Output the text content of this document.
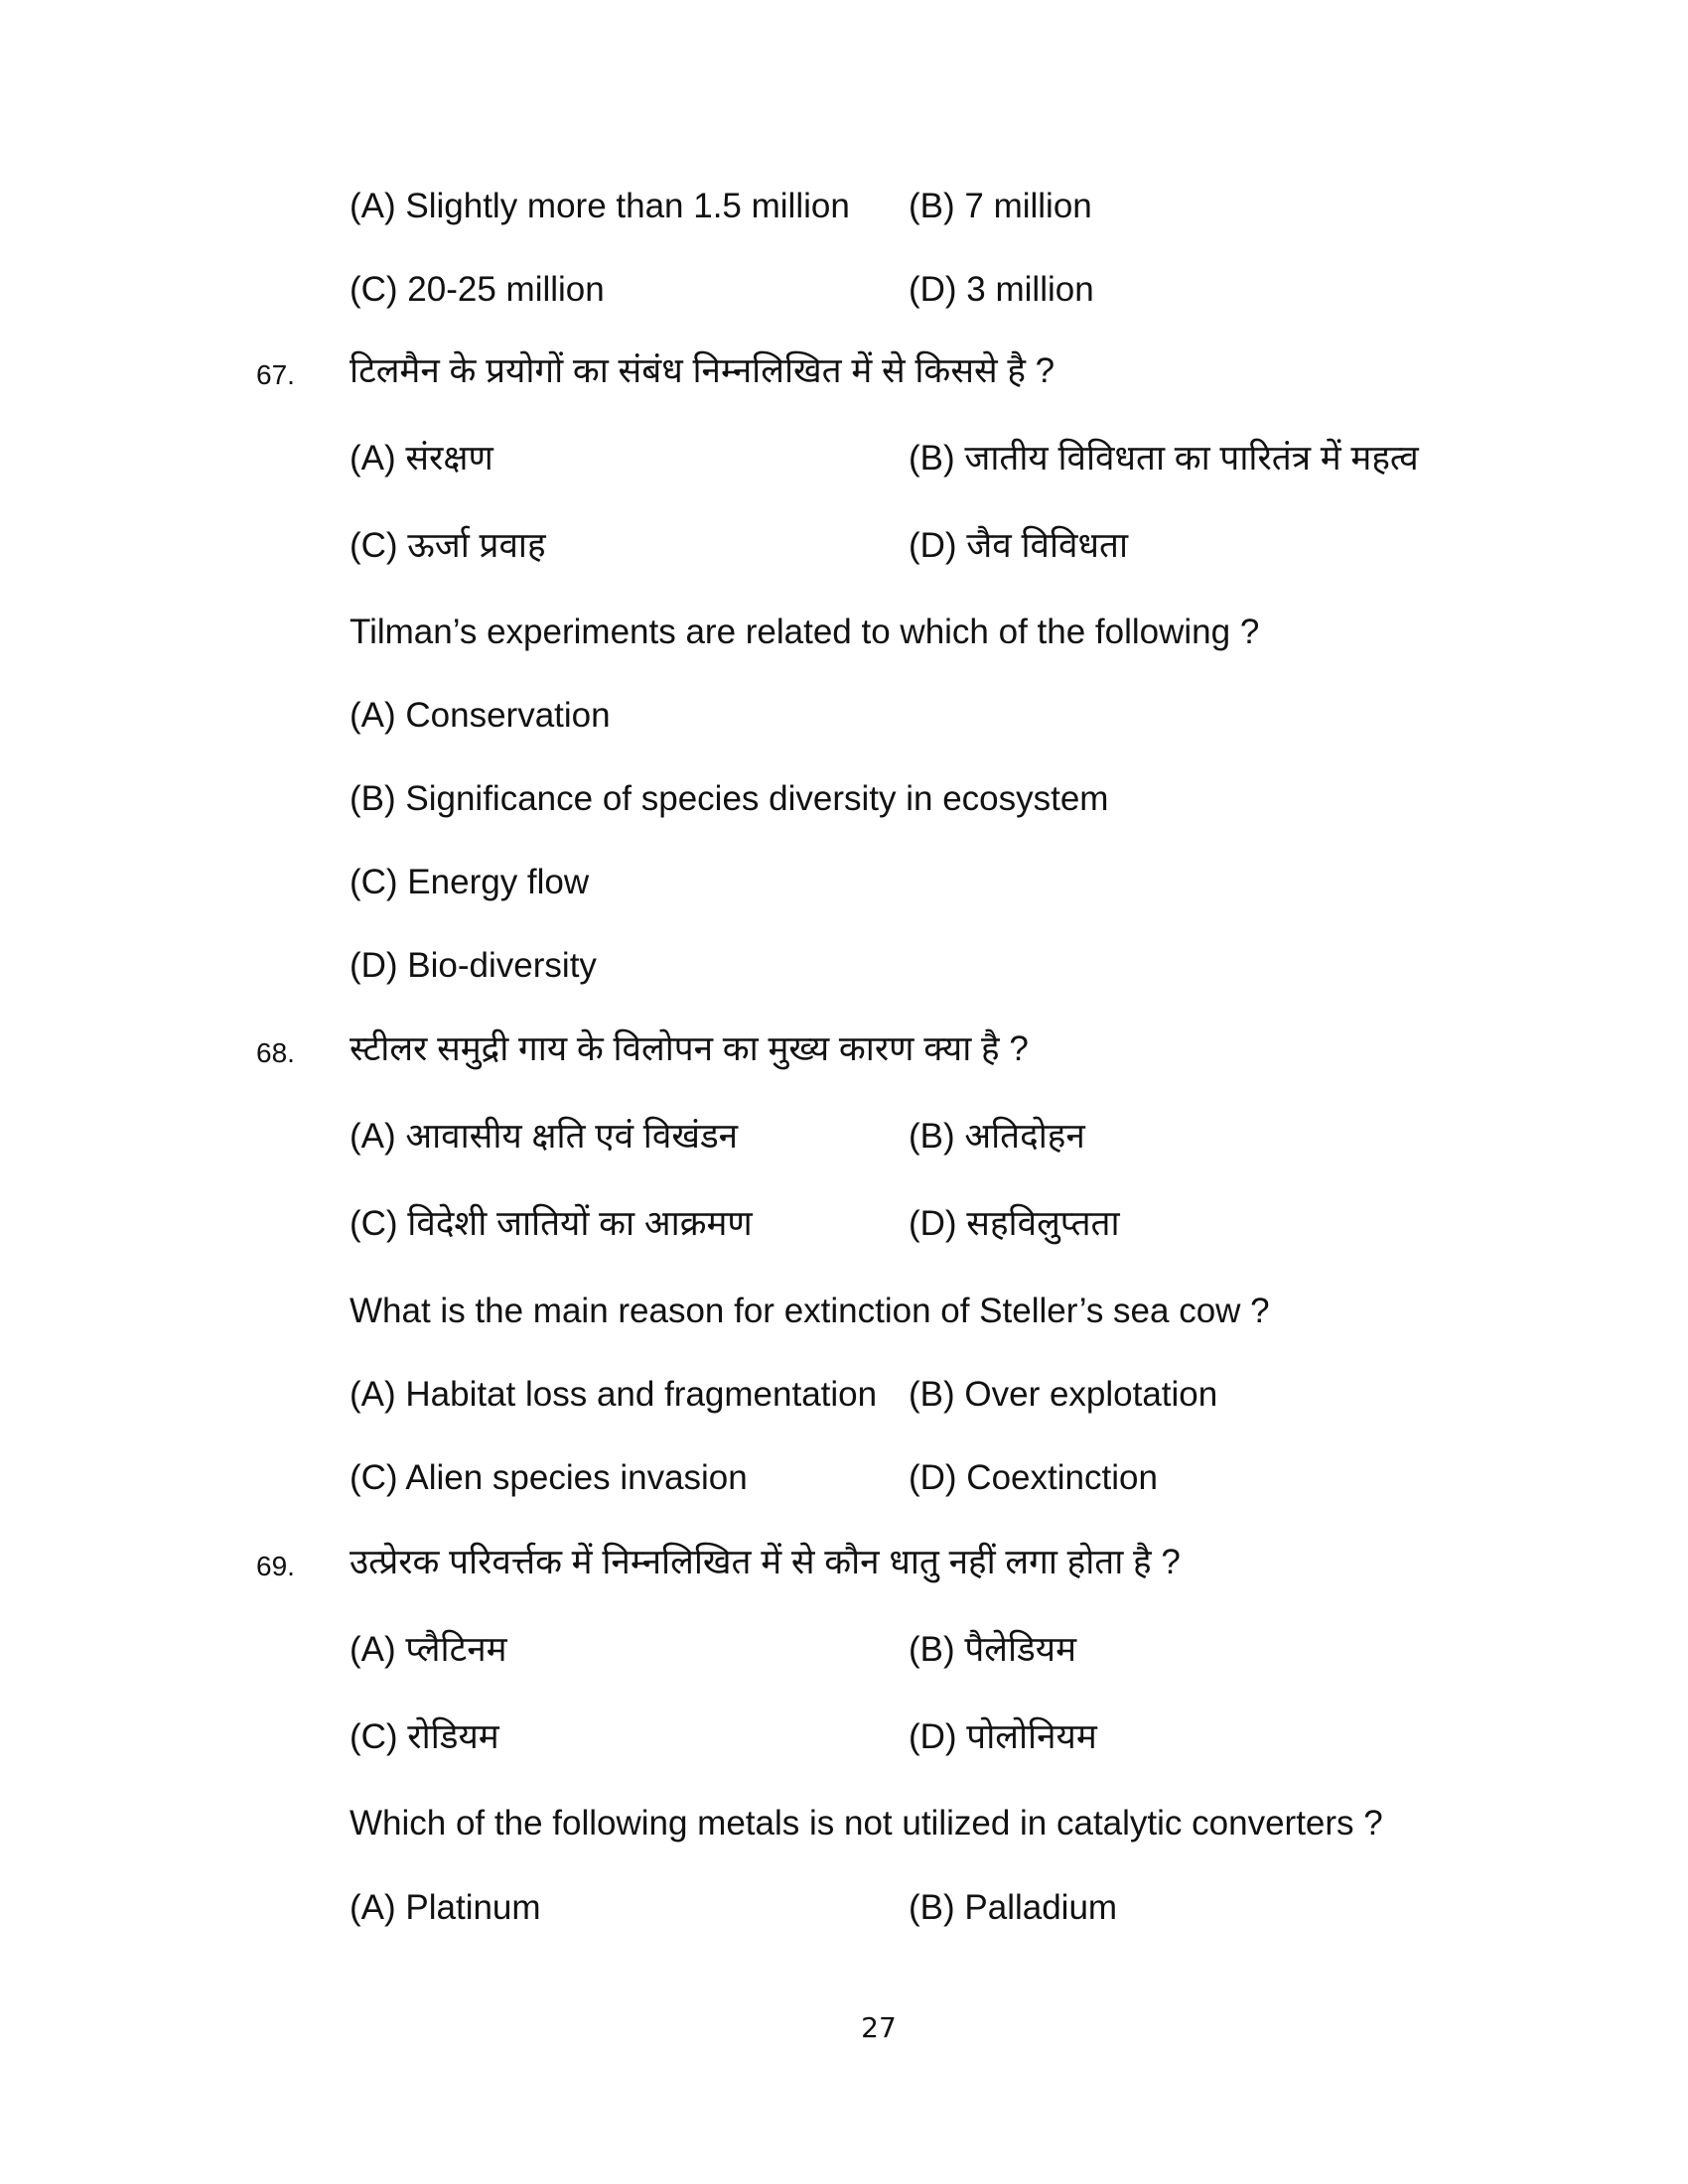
(A) Slightly more than 1.5 million (B) 7 million
(C) 20-25 million	(D) 3 million
67. टिलमैन के प्रयोगों का संबंध निम्नलिखित में से किससे है ?
(A) संरक्षण	(B) जातीय विविधता का पारितंत्र में महत्व
(C) ऊर्जा प्रवाह	(D) जैव विविधता
Tilman’s experiments are related to which of the following ?
(A) Conservation
(B) Significance of species diversity in ecosystem
(C) Energy flow
(D) Bio-diversity
68. स्टीलर समुद्री गाय के विलोपन का मुख्य कारण क्या है ?
(A) आवासीय क्षति एवं विखंडन	(B) अतिदोहन
(C) विदेशी जातियों का आक्रमण	(D) सहविलुप्तता
What is the main reason for extinction of Steller’s sea cow ?
(A) Habitat loss and fragmentation (B) Over explotation
(C) Alien species invasion	(D) Coextinction
69. उत्प्रेरक परिवर्त्तक में निम्नलिखित में से कौन धातु नहीं लगा होता है ?
(A) प्लैटिनम	(B) पैलेडियम
(C) रोडियम	(D) पोलोनियम
Which of the following metals is not utilized in catalytic converters ?
(A) Platinum	(B) Palladium
27
